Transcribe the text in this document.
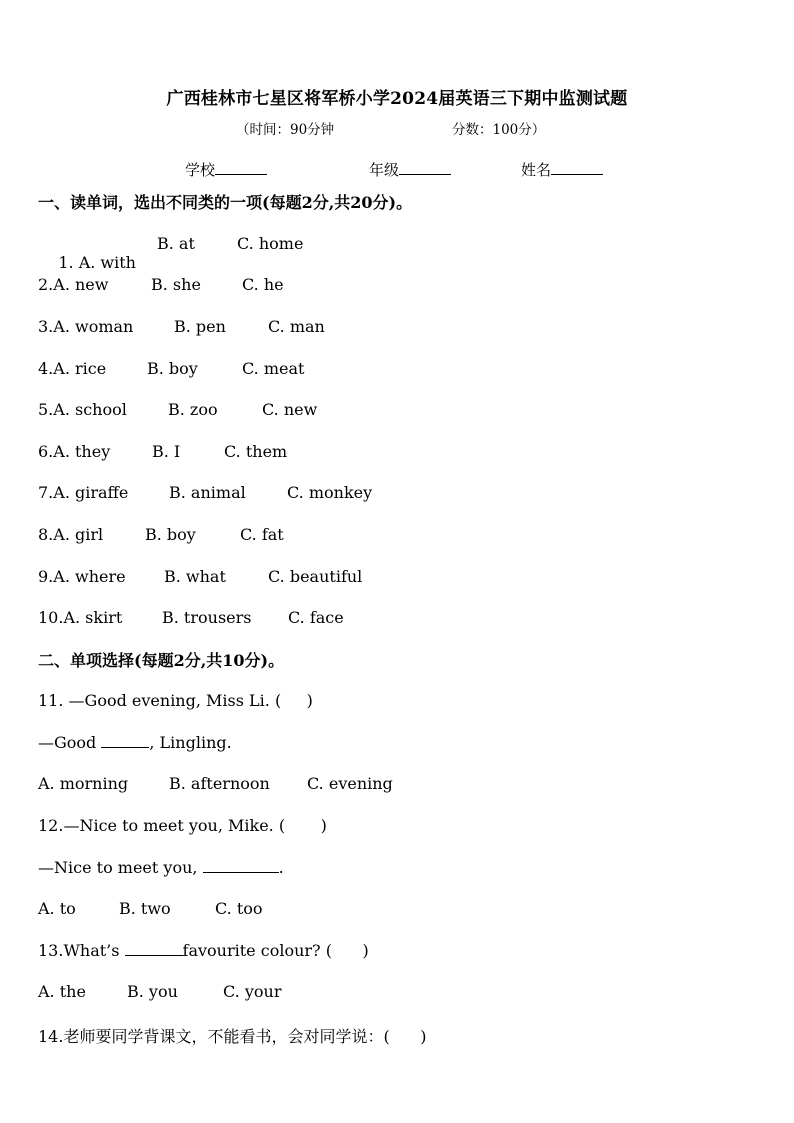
广西桂林市七星区将军桥小学2024届英语三下期中监测试题
（时间：90分钟	分数：100分）
学校	年级	姓名
一、读单词，选出不同类的一项(每题2分,共20分)。

1. A. with

B. at	C. home
2.A. new	B. she	C. he
3.A. woman	B. pen	C. man
4.A. rice	B. boy	C. meat
5.A. school	B. zoo	C. new
6.A. they	B. I	C. them
7.A. giraffe	B. animal	C. monkey
8.A. girl	B. boy	C. fat
9.A. where B. what	C. beautiful
10.A. skirt B. trousers C. face
二、单项选择(每题2分,共10分)。
11. —Good evening, Miss Li. (     )
—Good	, Lingling.
A. morning	B. afternoon C. evening
12.—Nice to meet you, Mike. (       )
—Nice to meet you,	.
A. to	B. two	C. too
13.What’s	favourite colour? (      )
A. the	B. you	C. your
14.老师要同学背课文，不能看书，会对同学说：(      )
